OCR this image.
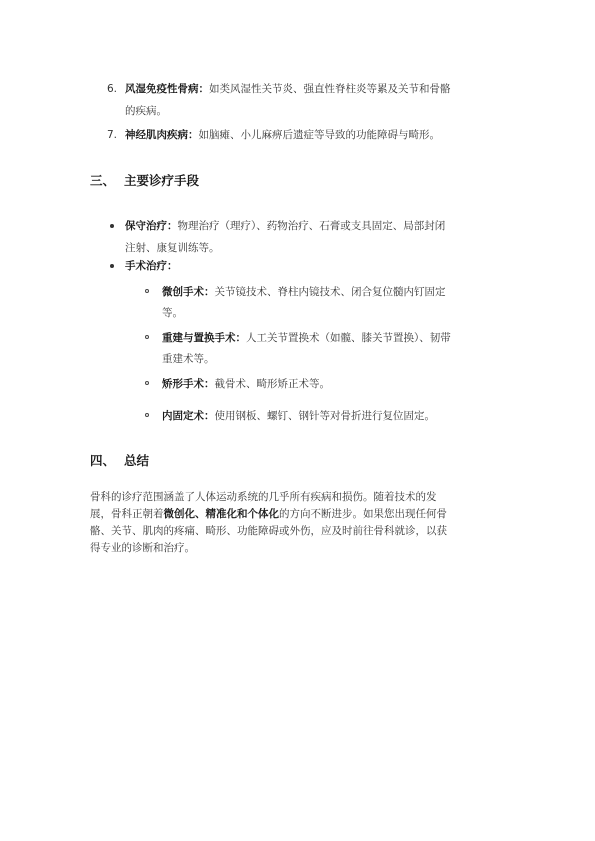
6. 风湿免疫性骨病：如类风湿性关节炎、强直性脊柱炎等累及关节和骨骼
的疾病。
7. 神经肌肉疾病：如脑瘫、小儿麻痹后遗症等导致的功能障碍与畸形。
三、 主要诊疗手段
保守治疗：物理治疗（理疗）、药物治疗、石膏或支具固定、局部封闭
注射、康复训练等。
手术治疗：
微创手术：关节镜技术、脊柱内镜技术、闭合复位髓内钉固定
等。
重建与置换手术：人工关节置换术（如髋、膝关节置换）、韧带
重建术等。
矫形手术：截骨术、畸形矫正术等。
内固定术：使用钢板、螺钉、钢针等对骨折进行复位固定。
四、 总结
骨科的诊疗范围涵盖了人体运动系统的几乎所有疾病和损伤。随着技术的发
展，骨科正朝着微创化、精准化和个体化的方向不断进步。如果您出现任何骨
骼、关节、肌肉的疼痛、畸形、功能障碍或外伤，应及时前往骨科就诊，以获
得专业的诊断和治疗。
